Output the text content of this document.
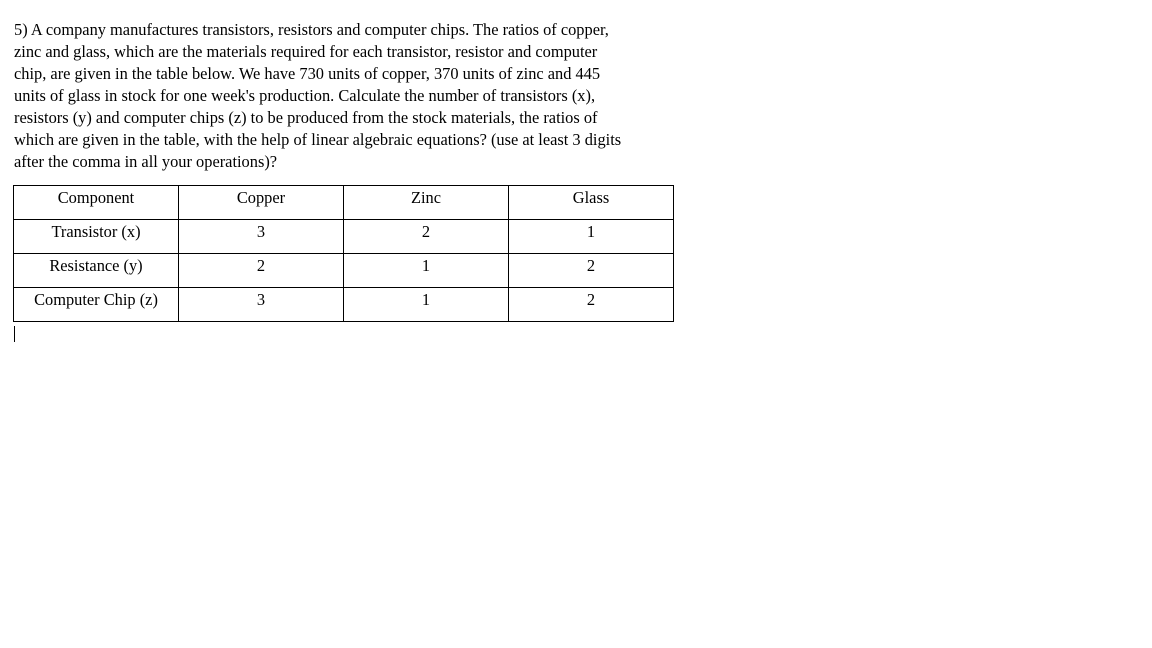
5) A company manufactures transistors, resistors and computer chips. The ratios of copper,
zinc and glass, which are the materials required for each transistor, resistor and computer
chip, are given in the table below. We have 730 units of copper, 370 units of zinc and 445
units of glass in stock for one week's production. Calculate the number of transistors (x),
resistors (y) and computer chips (z) to be produced from the stock materials, the ratios of
which are given in the table, with the help of linear algebraic equations? (use at least 3 digits
after the comma in all your operations)?
Component	Copper	Zinc	Glass
Transistor (x)	3	2	1
Resistance (y)	2	1	2
Computer Chip (z)	3	1	2
